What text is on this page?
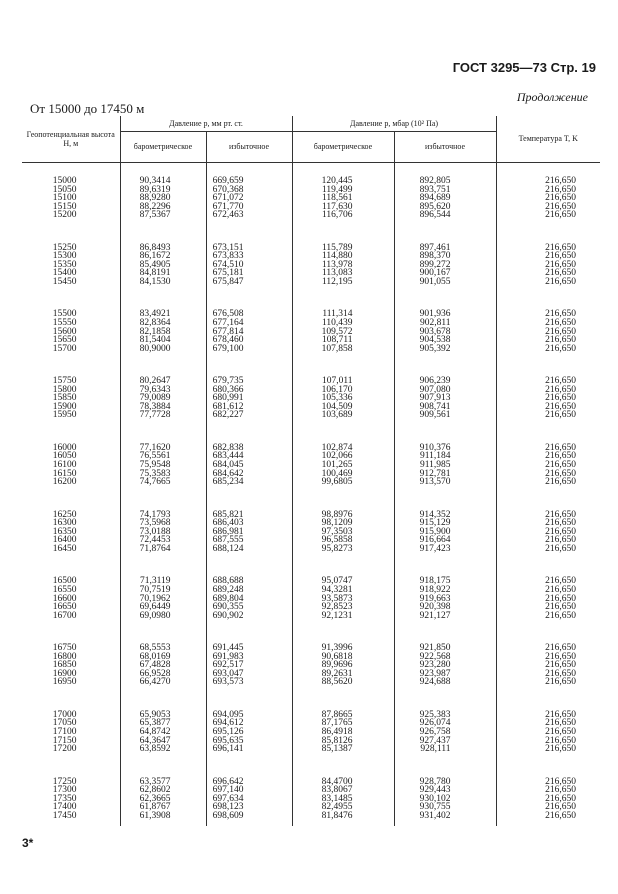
ГОСТ 3295—73 Стр. 19
Продолжение
От 15000 до 17450 м
Геопотенциальная высота H, м	Давление p, мм рт. ст.		Давление p, мбар (10² Па)		Температура T, K
	барометрическое	избыточное	барометрическое	избыточное	

15000	90,3414	669,659	120,445	892,805	216,650
15050	89,6319	670,368	119,499	893,751	216,650
15100	88,9280	671,072	118,561	894,689	216,650
15150	88,2296	671,770	117,630	895,620	216,650
15200	87,5367	672,463	116,706	896,544	216,650

15250	86,8493	673,151	115,789	897,461	216,650
15300	86,1672	673,833	114,880	898,370	216,650
15350	85,4905	674,510	113,978	899,272	216,650
15400	84,8191	675,181	113,083	900,167	216,650
15450	84,1530	675,847	112,195	901,055	216,650

15500	83,4921	676,508	111,314	901,936	216,650
15550	82,8364	677,164	110,439	902,811	216,650
15600	82,1858	677,814	109,572	903,678	216,650
15650	81,5404	678,460	108,711	904,538	216,650
15700	80,9000	679,100	107,858	905,392	216,650

15750	80,2647	679,735	107,011	906,239	216,650
15800	79,6343	680,366	106,170	907,080	216,650
15850	79,0089	680,991	105,336	907,913	216,650
15900	78,3884	681,612	104,509	908,741	216,650
15950	77,7728	682,227	103,689	909,561	216,650

16000	77,1620	682,838	102,874	910,376	216,650
16050	76,5561	683,444	102,066	911,184	216,650
16100	75,9548	684,045	101,265	911,985	216,650
16150	75,3583	684,642	100,469	912,781	216,650
16200	74,7665	685,234	99,6805	913,570	216,650

16250	74,1793	685,821	98,8976	914,352	216,650
16300	73,5968	686,403	98,1209	915,129	216,650
16350	73,0188	686,981	97,3503	915,900	216,650
16400	72,4453	687,555	96,5858	916,664	216,650
16450	71,8764	688,124	95,8273	917,423	216,650

16500	71,3119	688,688	95,0747	918,175	216,650
16550	70,7519	689,248	94,3281	918,922	216,650
16600	70,1962	689,804	93,5873	919,663	216,650
16650	69,6449	690,355	92,8523	920,398	216,650
16700	69,0980	690,902	92,1231	921,127	216,650

16750	68,5553	691,445	91,3996	921,850	216,650
16800	68,0169	691,983	90,6818	922,568	216,650
16850	67,4828	692,517	89,9696	923,280	216,650
16900	66,9528	693,047	89,2631	923,987	216,650
16950	66,4270	693,573	88,5620	924,688	216,650

17000	65,9053	694,095	87,8665	925,383	216,650
17050	65,3877	694,612	87,1765	926,074	216,650
17100	64,8742	695,126	86,4918	926,758	216,650
17150	64,3647	695,635	85,8126	927,437	216,650
17200	63,8592	696,141	85,1387	928,111	216,650

17250	63,3577	696,642	84,4700	928,780	216,650
17300	62,8602	697,140	83,8067	929,443	216,650
17350	62,3665	697,634	83,1485	930,102	216,650
17400	61,8767	698,123	82,4955	930,755	216,650
17450	61,3908	698,609	81,8476	931,402	216,650

3*
